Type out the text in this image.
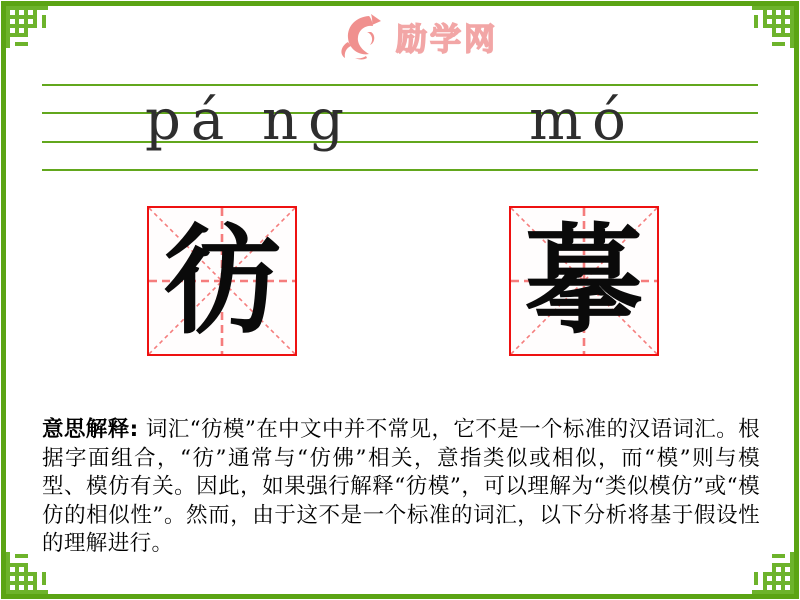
励学网
pá ng	mó
彷 摹

意思解释: 词汇“彷模”在中文中并不常见，它不是一个标准的汉语词汇。根据字面组合，“彷”通常与“仿佛”相关，意指类似或相似，而“模”则与模型、模仿有关。因此，如果强行解释“彷模”，可以理解为“类似模仿”或“模仿的相似性”。然而，由于这不是一个标准的词汇，以下分析将基于假设性的理解进行。
